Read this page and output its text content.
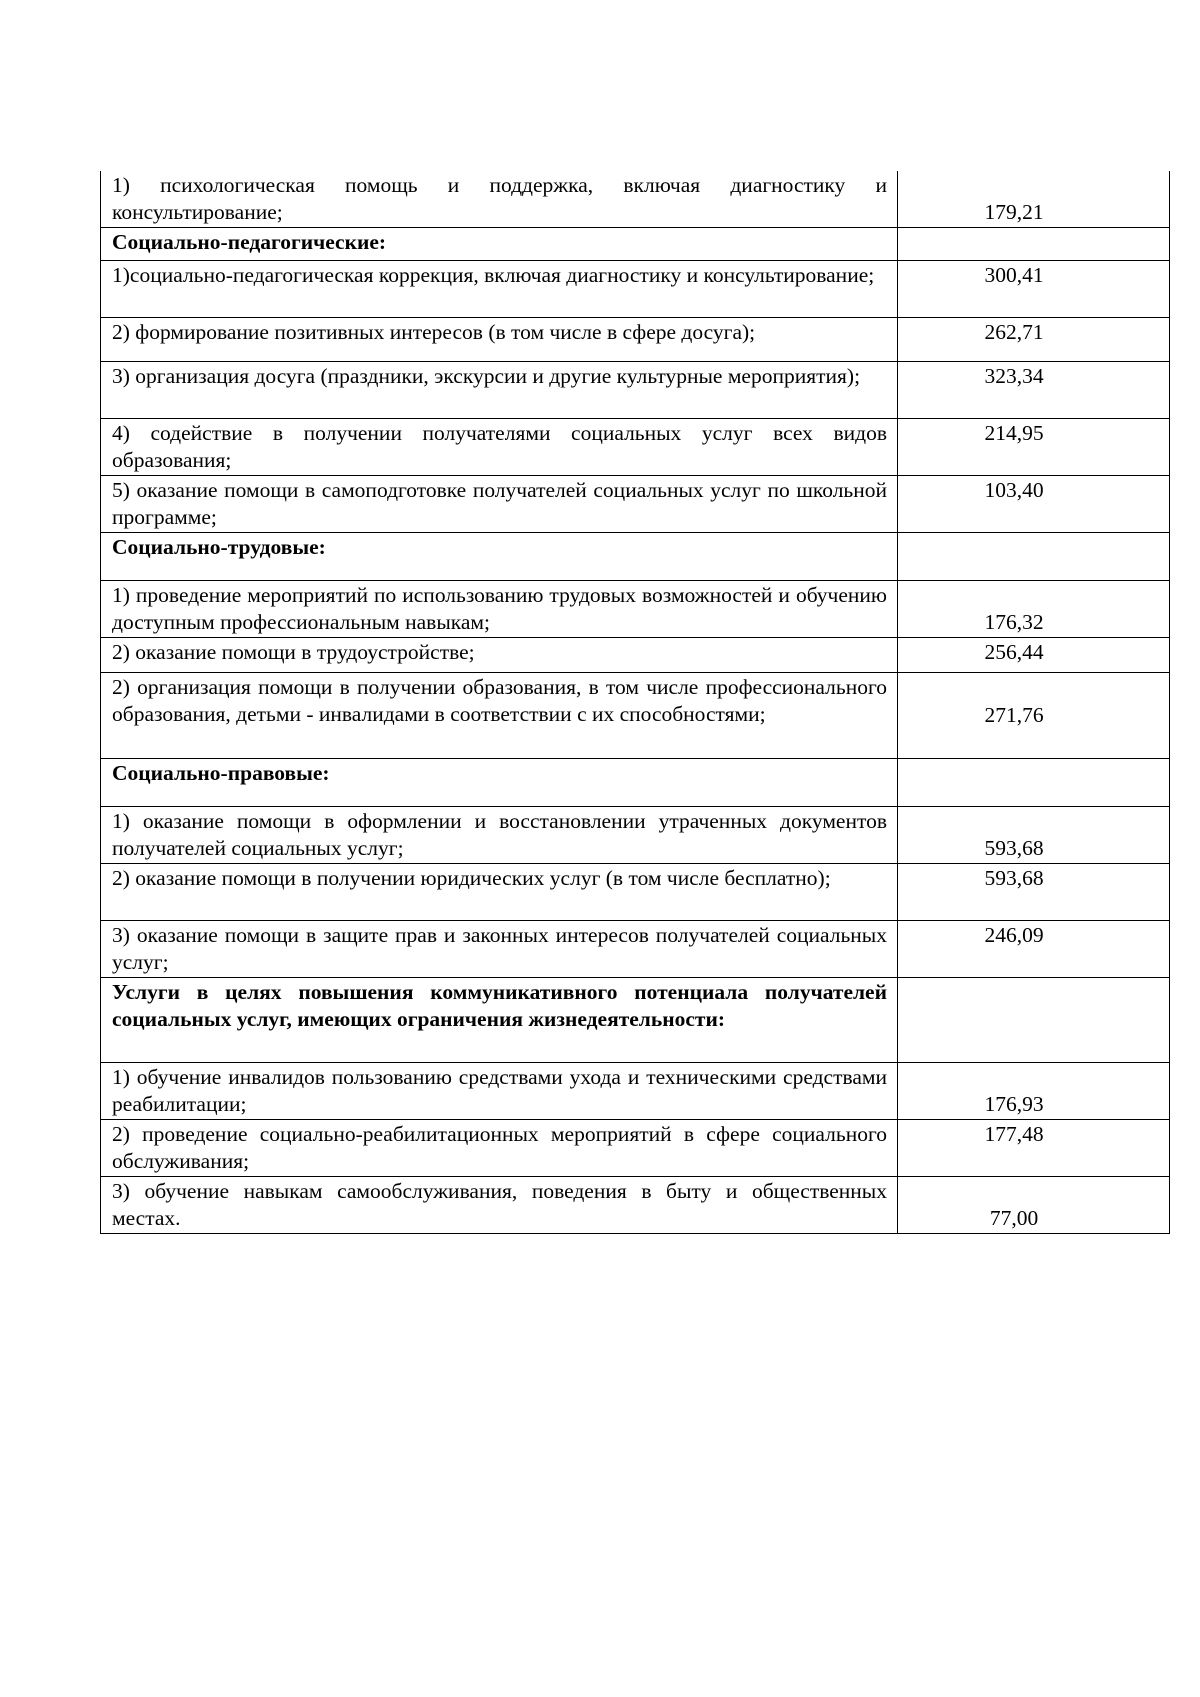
1) психологическая помощь и поддержка, включая диагностику и консультирование;	179,21
Социально-педагогические:	
1)социально-педагогическая коррекция, включая диагностику и консультирование;	300,41
2) формирование позитивных интересов (в том числе в сфере досуга);	262,71
3) организация досуга (праздники, экскурсии и другие культурные мероприятия);	323,34
4) содействие в получении получателями социальных услуг всех видов образования;	214,95
5) оказание помощи в самоподготовке получателей социальных услуг по школьной программе;	103,40
Социально-трудовые:	
1) проведение мероприятий по использованию трудовых возможностей и обучению доступным профессиональным навыкам;	176,32
2) оказание помощи в трудоустройстве;	256,44
2) организация помощи в получении образования, в том числе профессионального образования, детьми - инвалидами в соответствии с их способностями;	271,76
Социально-правовые:	
1) оказание помощи в оформлении и восстановлении утраченных документов получателей социальных услуг;	593,68
2) оказание помощи в получении юридических услуг (в том числе бесплатно);	593,68
3) оказание помощи в защите прав и законных интересов получателей социальных услуг;	246,09
Услуги в целях повышения коммуникативного потенциала получателей социальных услуг, имеющих ограничения жизнедеятельности:	
1) обучение инвалидов пользованию средствами ухода и техническими средствами реабилитации;	176,93
2) проведение социально-реабилитационных мероприятий в сфере социального обслуживания;	177,48
3) обучение навыкам самообслуживания, поведения в быту и общественных местах.	77,00
